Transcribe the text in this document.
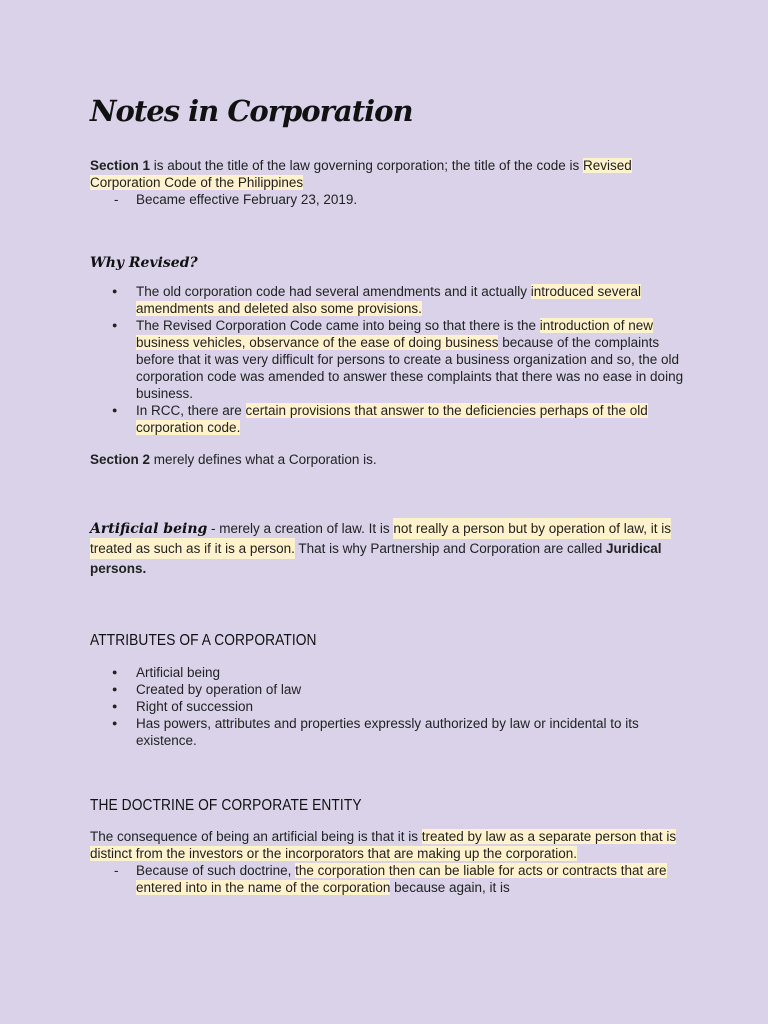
Notes in Corporation
Section 1 is about the title of the law governing corporation; the title of the code is Revised Corporation Code of the Philippines
- Became effective February 23, 2019.
Why Revised?
● The old corporation code had several amendments and it actually introduced several amendments and deleted also some provisions.
● The Revised Corporation Code came into being so that there is the introduction of new business vehicles, observance of the ease of doing business because of the complaints before that it was very difficult for persons to create a business organization and so, the old corporation code was amended to answer these complaints that there was no ease in doing business.
● In RCC, there are certain provisions that answer to the deficiencies perhaps of the old corporation code.
Section 2 merely defines what a Corporation is.
Artificial being - merely a creation of law. It is not really a person but by operation of law, it is treated as such as if it is a person. That is why Partnership and Corporation are called Juridical persons.
ATTRIBUTES OF A CORPORATION
● Artificial being
● Created by operation of law
● Right of succession
● Has powers, attributes and properties expressly authorized by law or incidental to its existence.
THE DOCTRINE OF CORPORATE ENTITY
The consequence of being an artificial being is that it is treated by law as a separate person that is distinct from the investors or the incorporators that are making up the corporation.
- Because of such doctrine, the corporation then can be liable for acts or contracts that are entered into in the name of the corporation because again, it is
